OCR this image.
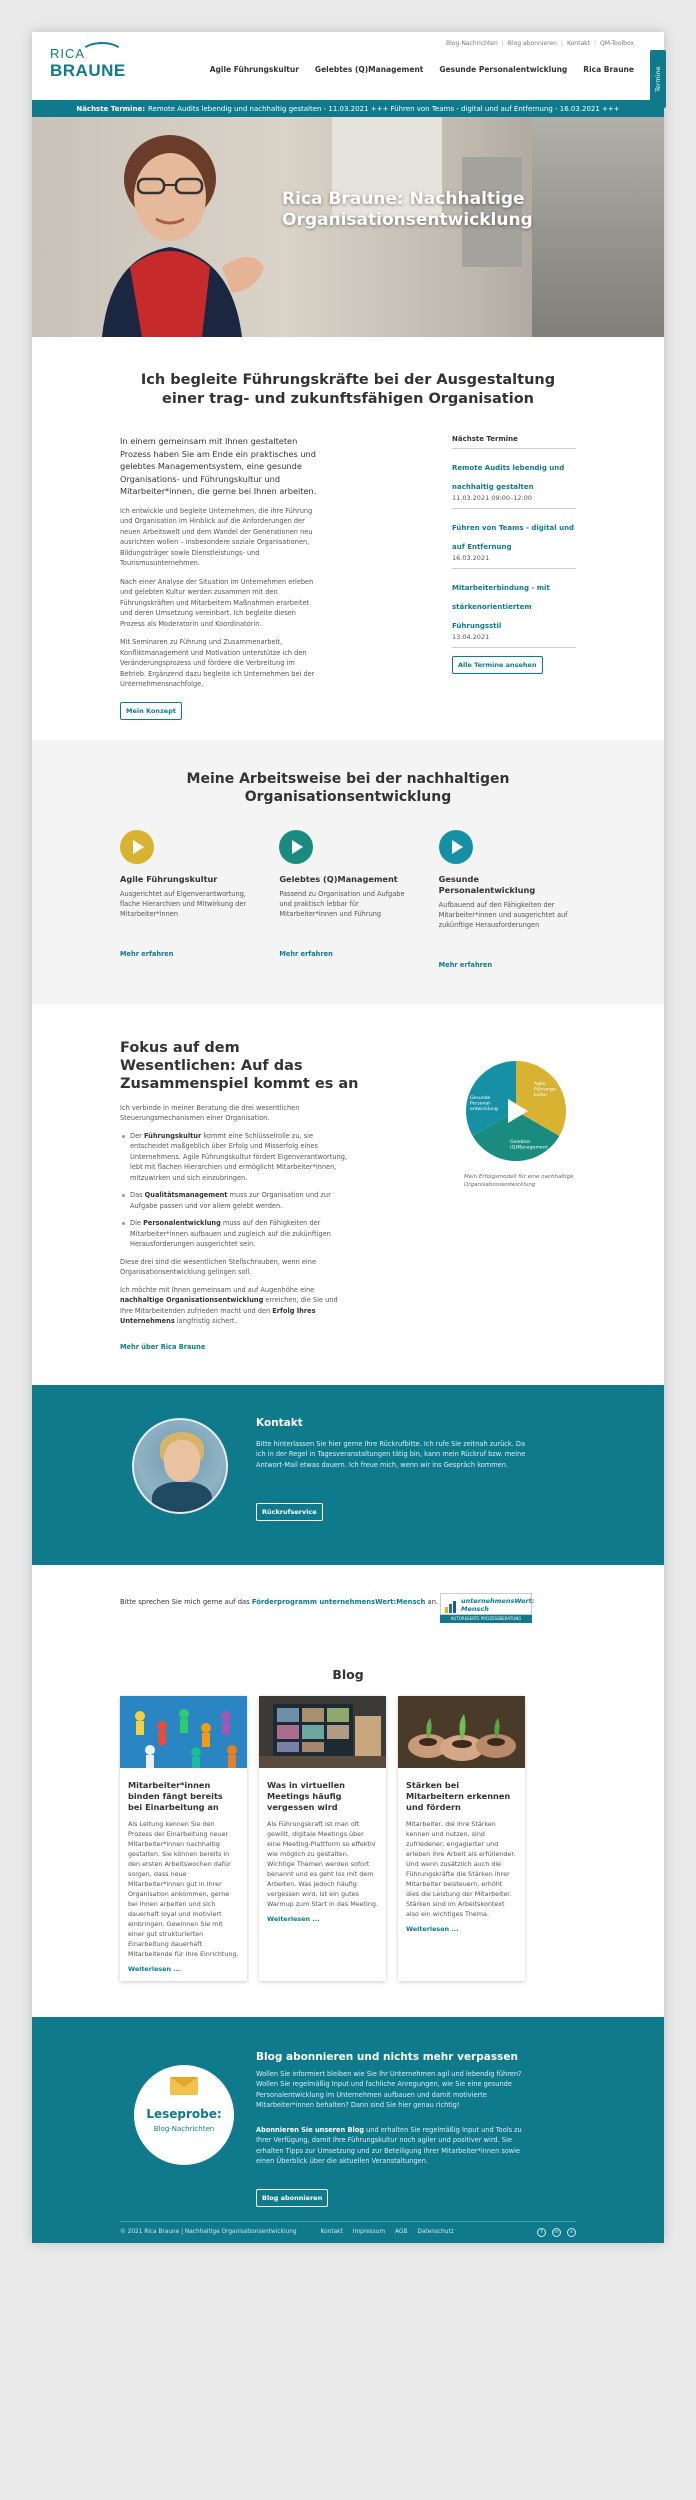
RICA
BRAUNE
Blog-Nachrichten | Blog abonnieren | Kontakt | QM-Toolbox
Agile Führungskultur Gelebtes (Q)Management Gesunde Personalentwicklung Rica Braune	Termine
Nächste Termine: Remote Audits lebendig und nachhaltig gestalten - 11.03.2021 +++ Führen von Teams - digital und auf Entfernung - 16.03.2021 +++
Rica Braune: Nachhaltige Organisationsentwicklung
Ich begleite Führungskräfte bei der Ausgestaltung einer trag- und zukunftsfähigen Organisation

In einem gemeinsam mit Ihnen gestalteten Prozess haben Sie am Ende ein praktisches und gelebtes Managementsystem, eine gesunde Organisations- und Führungskultur und Mitarbeiter*innen, die gerne bei Ihnen arbeiten.

Ich entwickle und begleite Unternehmen, die ihre Führung und Organisation im Hinblick auf die Anforderungen der neuen Arbeitswelt und dem Wandel der Generationen neu ausrichten wollen – insbesondere soziale Organisationen, Bildungsträger sowie Dienstleistungs- und Tourismusunternehmen.

Nach einer Analyse der Situation im Unternehmen erleben und gelebten Kultur werden zusammen mit den Führungskräften und Mitarbeitern Maßnahmen erarbeitet und deren Umsetzung vereinbart. Ich begleite diesen Prozess als Moderatorin und Koordinatorin.

Mit Seminaren zu Führung und Zusammenarbeit, Konfliktmanagement und Motivation unterstütze ich den Veränderungsprozess und fördere die Verbreitung im Betrieb. Ergänzend dazu begleite ich Unternehmen bei der Unternehmensnachfolge.

Mein Konzept
Nächste Termine
Remote Audits lebendig und nachhaltig gestalten
11.03.2021 09:00–12:00
Führen von Teams - digital und auf Entfernung
16.03.2021
Mitarbeiterbindung - mit stärkenorientiertem Führungsstil
13.04.2021
Alle Termine ansehen
Meine Arbeitsweise bei der nachhaltigen Organisationsentwicklung
Agile Führungskultur
Ausgerichtet auf Eigenverantwortung, flache Hierarchien und Mitwirkung der Mitarbeiter*innen
Mehr erfahren
Gelebtes (Q)Management
Passend zu Organisation und Aufgabe und praktisch lebbar für Mitarbeiter*innen und Führung
Mehr erfahren
Gesunde Personalentwicklung
Aufbauend auf den Fähigkeiten der Mitarbeiter*innen und ausgerichtet auf zukünftige Herausforderungen
Mehr erfahren
Fokus auf dem Wesentlichen: Auf das Zusammenspiel kommt es an

Ich verbinde in meiner Beratung die drei wesentlichen Steuerungsmechanismen einer Organisation.

Der Führungskultur kommt eine Schlüsselrolle zu, sie entscheidet maßgeblich über Erfolg und Misserfolg eines Unternehmens. Agile Führungskultur fördert Eigenverantwortung, lebt mit flachen Hierarchien und ermöglicht Mitarbeiter*innen, mitzuwirken und sich einzubringen.

Das Qualitätsmanagement muss zur Organisation und zur Aufgabe passen und vor allem gelebt werden.

Die Personalentwicklung muss auf den Fähigkeiten der Mitarbeiter*innen aufbauen und zugleich auf die zukünftigen Herausforderungen ausgerichtet sein.

Diese drei sind die wesentlichen Stellschrauben, wenn eine Organisationsentwicklung gelingen soll.

Ich möchte mit Ihnen gemeinsam und auf Augenhöhe eine nachhaltige Organisationsentwicklung erreichen, die Sie und Ihre Mitarbeitenden zufrieden macht und den Erfolg Ihres Unternehmens langfristig sichert.

Mehr über Rica Braune
Agile Führungs-kultur
Gelebtes (Q)Management
Gesunde Personal-entwicklung
Mein Erfolgsmodell für eine nachhaltige Organisationsentwicklung
Kontakt
Bitte hinterlassen Sie hier gerne Ihre Rückrufbitte. Ich rufe Sie zeitnah zurück. Da ich in der Regel in Tagesveranstaltungen tätig bin, kann mein Rückruf bzw. meine Antwort-Mail etwas dauern. Ich freue mich, wenn wir ins Gespräch kommen.
Rückrufservice
Bitte sprechen Sie mich gerne auf das Förderprogramm unternehmensWert:Mensch an.	unternehmensWert:
Mensch
AUTORISIERTE PROZESSBERATUNG
Blog
Mitarbeiter*innen binden fängt bereits bei Einarbeitung an
Als Leitung kennen Sie den Prozess der Einarbeitung neuer Mitarbeiter*innen nachhaltig gestalten. Sie können bereits in den ersten Arbeitswochen dafür sorgen, dass neue Mitarbeiter*innen gut in Ihrer Organisation ankommen, gerne bei Ihnen arbeiten und sich dauerhaft loyal und motiviert einbringen. Gewinnen Sie mit einer gut strukturierten Einarbeitung dauerhaft Mitarbeitende für Ihre Einrichtung.
Weiterlesen ...
Was in virtuellen Meetings häufig vergessen wird
Als Führungskraft ist man oft gewillt, digitale Meetings über eine Meeting-Plattform so effektiv wie möglich zu gestalten. Wichtige Themen werden sofort benannt und es geht los mit dem Arbeiten. Was jedoch häufig vergessen wird, ist ein gutes Warmup zum Start in das Meeting.
Weiterlesen ...
Stärken bei Mitarbeitern erkennen und fördern
Mitarbeiter, die ihre Stärken kennen und nutzen, sind zufriedener, engagierter und erleben ihre Arbeit als erfüllender. Und wenn zusätzlich auch die Führungskräfte die Stärken ihrer Mitarbeiter beisteuern, erhöht dies die Leistung der Mitarbeiter. Stärken sind im Arbeitskontext also ein wichtiges Thema.
Weiterlesen ...
Leseprobe:
Blog-Nachrichten
Blog abonnieren und nichts mehr verpassen
Wollen Sie informiert bleiben wie Sie Ihr Unternehmen agil und lebendig führen? Wollen Sie regelmäßig Input und fachliche Anregungen, wie Sie eine gesunde Personalentwicklung im Unternehmen aufbauen und damit motivierte Mitarbeiter*innen behalten? Dann sind Sie hier genau richtig!
Abonnieren Sie unseren Blog und erhalten Sie regelmäßig Input und Tools zu Ihrer Verfügung, damit Ihre Führungskultur noch agiler und positiver wird. Sie erhalten Tipps zur Umsetzung und zur Beteiligung Ihrer Mitarbeiter*innen sowie einen Überblick über die aktuellen Veranstaltungen.
Blog abonnieren
© 2021 Rica Braune | Nachhaltige Organisationsentwicklung	Kontakt Impressum AGB Datenschutz	f	in	x
